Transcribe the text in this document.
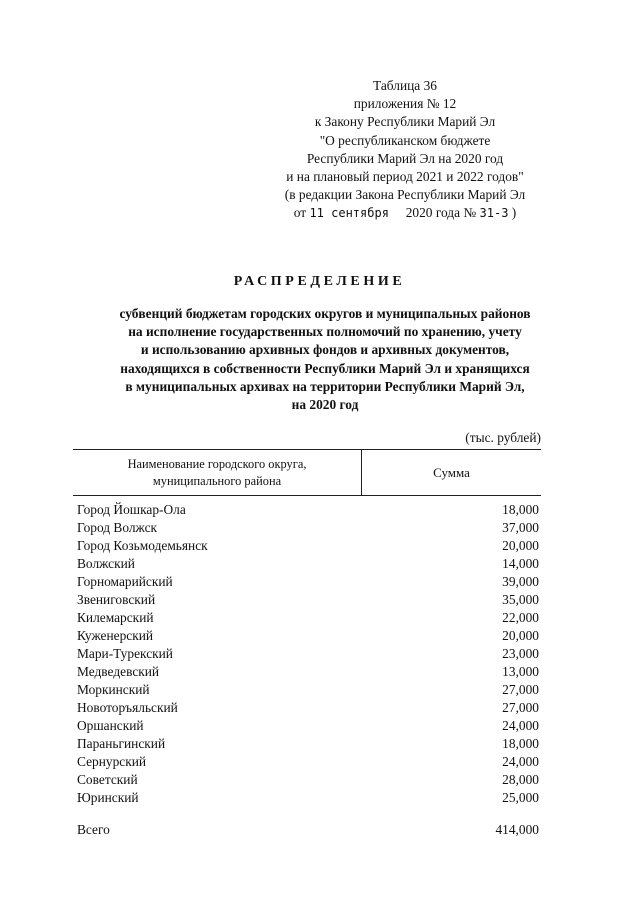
Таблица 36
приложения № 12
к Закону Республики Марий Эл
"О республиканском бюджете
Республики Марий Эл на 2020 год
и на плановый период 2021 и 2022 годов"
(в редакции Закона Республики Марий Эл
от 11 сентября 2020 года № 31-З )
РАСПРЕДЕЛЕНИЕ
субвенций бюджетам городских округов и муниципальных районов
на исполнение государственных полномочий по хранению, учету
и использованию архивных фондов и архивных документов,
находящихся в собственности Республики Марий Эл и хранящихся
в муниципальных архивах на территории Республики Марий Эл,
на 2020 год
(тыс. рублей)
Наименование городского округа,
муниципального района
Сумма
Город Йошкар-Ола	18,000
Город Волжск	37,000
Город Козьмодемьянск	20,000
Волжский	14,000
Горномарийский	39,000
Звениговский	35,000
Килемарский	22,000
Куженерский	20,000
Мари-Турекский	23,000
Медведевский	13,000
Моркинский	27,000
Новоторъяльский	27,000
Оршанский	24,000
Параньгинский	18,000
Сернурский	24,000
Советский	28,000
Юринский	25,000
Всего	414,000
